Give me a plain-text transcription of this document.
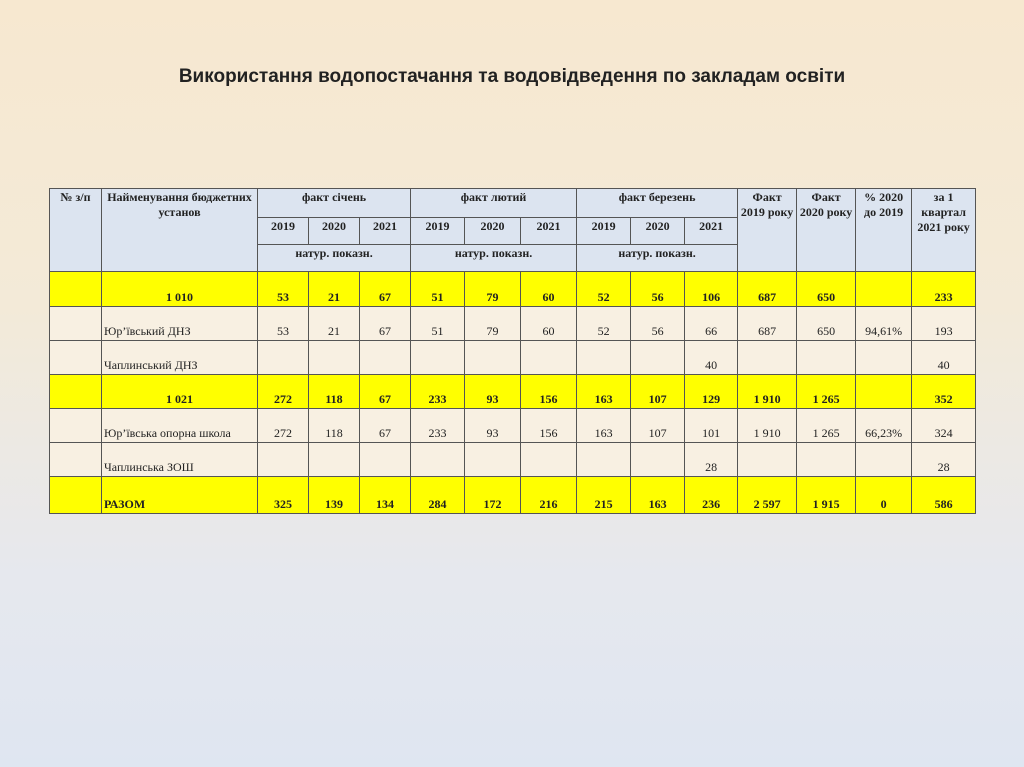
Використання водопостачання та водовідведення по закладам освіти
№ з/п	Найменування бюджетних установ	факт січень			факт лютий			факт березень			Факт 2019 року	Факт 2020 року	% 2020 до 2019	за 1 квартал 2021 року
		2019	2020	2021	2019	2020	2021	2019	2020	2021				
		натур. показн.			натур. показн.			натур. показн.						
	1 010	53	21	67	51	79	60	52	56	106	687	650		233
	Юр’ївський ДНЗ	53	21	67	51	79	60	52	56	66	687	650	94,61%	193
	Чаплинський ДНЗ									40				40
	1 021	272	118	67	233	93	156	163	107	129	1 910	1 265		352
	Юр’ївська опорна школа	272	118	67	233	93	156	163	107	101	1 910	1 265	66,23%	324
	Чаплинська ЗОШ									28				28
	РАЗОМ	325	139	134	284	172	216	215	163	236	2 597	1 915	0	586
